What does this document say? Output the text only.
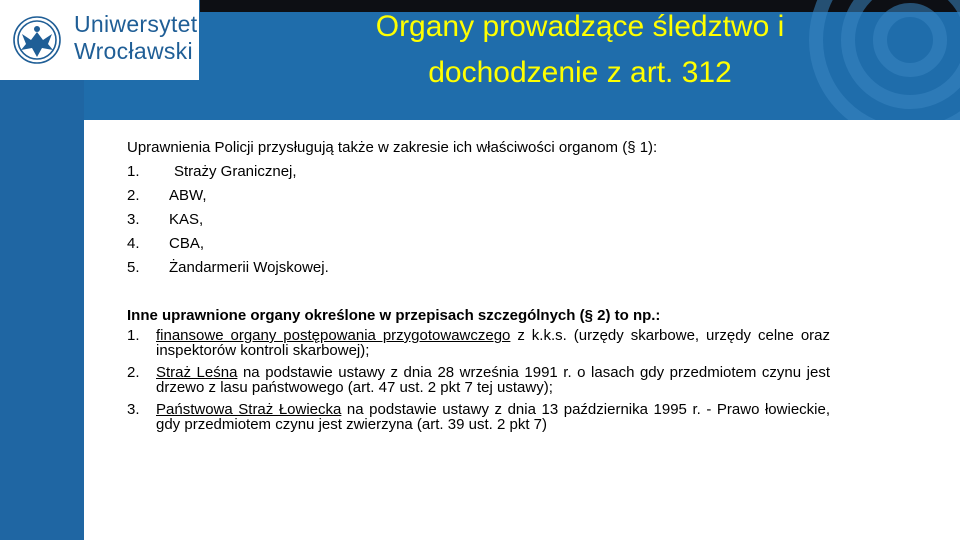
Uniwersytet
Wrocławski
Organy prowadzące śledztwo i
dochodzenie z art. 312
Uprawnienia Policji przysługują także w zakresie ich właściwości organom (§ 1):
1. Straży Granicznej,
2. ABW,
3. KAS,
4. CBA,
5. Żandarmerii Wojskowej.
Inne uprawnione organy określone w przepisach szczególnych (§ 2) to np.:
1. finansowe organy postępowania przygotowawczego z k.k.s. (urzędy skarbowe, urzędy celne oraz inspektorów kontroli skarbowej);
2. Straż Leśna na podstawie ustawy z dnia 28 września 1991 r. o lasach gdy przedmiotem czynu jest drzewo z lasu państwowego (art. 47 ust. 2 pkt 7 tej ustawy);
3. Państwowa Straż Łowiecka na podstawie ustawy z dnia 13 października 1995 r. - Prawo łowieckie, gdy przedmiotem czynu jest zwierzyna (art. 39 ust. 2 pkt 7)
